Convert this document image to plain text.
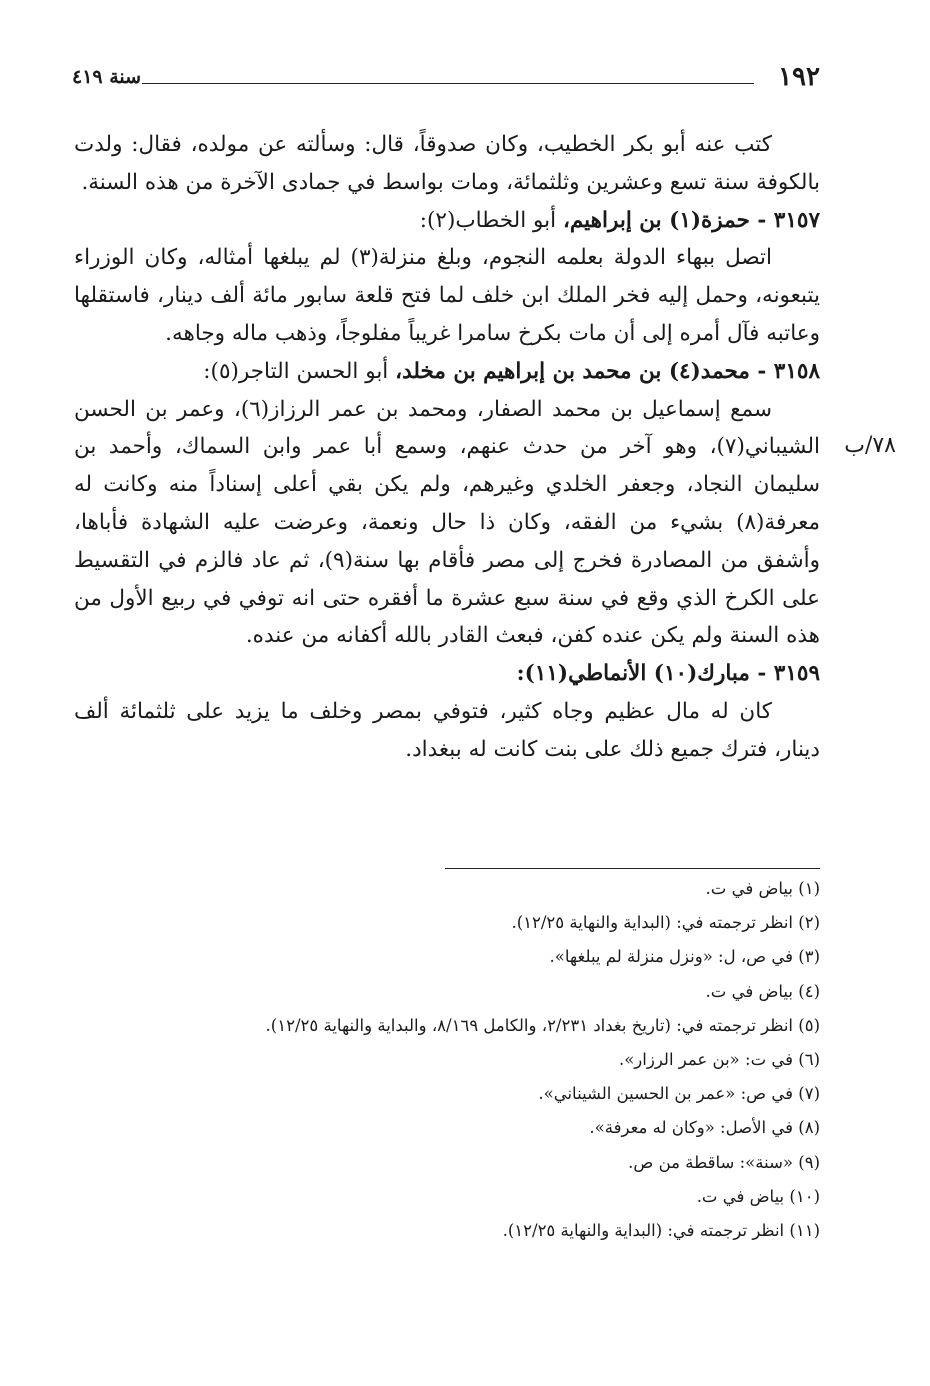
١٩٢
سنة ٤١٩
٧٨/ب

كتب عنه أبو بكر الخطيب، وكان صدوقاً، قال: وسألته عن مولده، فقال: ولدت بالكوفة سنة تسع وعشرين وثلثمائة، ومات بواسط في جمادى الآخرة من هذه السنة.

٣١٥٧ - حمزة(١) بن إبراهيم، أبو الخطاب(٢):

اتصل ببهاء الدولة بعلمه النجوم، وبلغ منزلة(٣) لم يبلغها أمثاله، وكان الوزراء يتبعونه، وحمل إليه فخر الملك ابن خلف لما فتح قلعة سابور مائة ألف دينار، فاستقلها وعاتبه فآل أمره إلى أن مات بكرخ سامرا غريباً مفلوجاً، وذهب ماله وجاهه.

٣١٥٨ - محمد(٤) بن محمد بن إبراهيم بن مخلد، أبو الحسن التاجر(٥):

سمع إسماعيل بن محمد الصفار، ومحمد بن عمر الرزاز(٦)، وعمر بن الحسن الشيباني(٧)، وهو آخر من حدث عنهم، وسمع أبا عمر وابن السماك، وأحمد بن سليمان النجاد، وجعفر الخلدي وغيرهم، ولم يكن بقي أعلى إسناداً منه وكانت له معرفة(٨) بشيء من الفقه، وكان ذا حال ونعمة، وعرضت عليه الشهادة فأباها، وأشفق من المصادرة فخرج إلى مصر فأقام بها سنة(٩)، ثم عاد فالزم في التقسيط على الكرخ الذي وقع في سنة سبع عشرة ما أفقره حتى انه توفي في ربيع الأول من هذه السنة ولم يكن عنده كفن، فبعث القادر بالله أكفانه من عنده.

٣١٥٩ - مبارك(١٠) الأنماطي(١١):

كان له مال عظيم وجاه كثير، فتوفي بمصر وخلف ما يزيد على ثلثمائة ألف دينار، فترك جميع ذلك على بنت كانت له ببغداد.

(١) بياض في ت.
(٢) انظر ترجمته في: (البداية والنهاية ١٢/٢٥).
(٣) في ص، ل: «ونزل منزلة لم يبلغها».
(٤) بياض في ت.
(٥) انظر ترجمته في: (تاريخ بغداد ٢/٢٣١، والكامل ٨/١٦٩، والبداية والنهاية ١٢/٢٥).
(٦) في ت: «بن عمر الرزار».
(٧) في ص: «عمر بن الحسين الشيناني».
(٨) في الأصل: «وكان له معرفة».
(٩) «سنة»: ساقطة من ص.
(١٠) بياض في ت.
(١١) انظر ترجمته في: (البداية والنهاية ١٢/٢٥).
